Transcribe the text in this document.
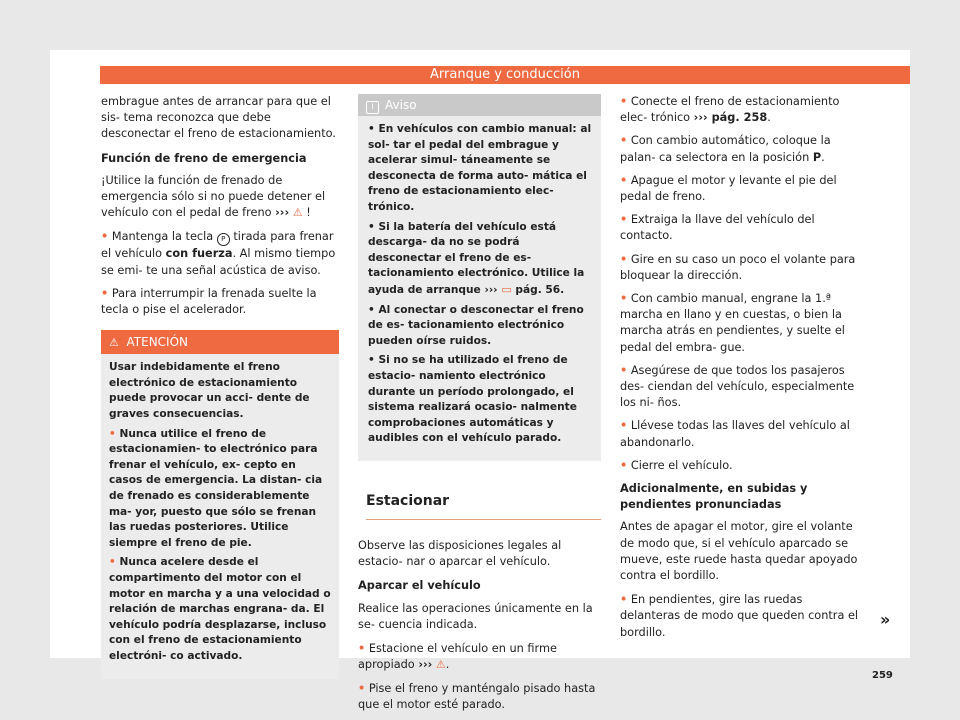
Arranque y conducción

embrague antes de arrancar para que el sis- tema reconozca que debe desconectar el freno de estacionamiento.

Función de freno de emergencia

¡Utilice la función de frenado de emergencia sólo si no puede detener el vehículo con el pedal de freno ››› ⚠ !

• Mantenga la tecla P tirada para frenar el vehículo con fuerza. Al mismo tiempo se emi- te una señal acústica de aviso.

• Para interrumpir la frenada suelte la tecla o pise el acelerador.

⚠ ATENCIÓN

Usar indebidamente el freno electrónico de estacionamiento puede provocar un acci- dente de graves consecuencias.

• Nunca utilice el freno de estacionamien- to electrónico para frenar el vehículo, ex- cepto en casos de emergencia. La distan- cia de frenado es considerablemente ma- yor, puesto que sólo se frenan las ruedas posteriores. Utilice siempre el freno de pie.

• Nunca acelere desde el compartimento del motor con el motor en marcha y a una velocidad o relación de marchas engrana- da. El vehículo podría desplazarse, incluso con el freno de estacionamiento electróni- co activado.

i Aviso

• En vehículos con cambio manual: al sol- tar el pedal del embrague y acelerar simul- táneamente se desconecta de forma auto- mática el freno de estacionamiento elec- trónico.

• Si la batería del vehículo está descarga- da no se podrá desconectar el freno de es- tacionamiento electrónico. Utilice la ayuda de arranque ››› ▭ pág. 56.

• Al conectar o desconectar el freno de es- tacionamiento electrónico pueden oírse ruidos.

• Si no se ha utilizado el freno de estacio- namiento electrónico durante un período prolongado, el sistema realizará ocasio- nalmente comprobaciones automáticas y audibles con el vehículo parado.

Estacionar

Observe las disposiciones legales al estacio- nar o aparcar el vehículo.

Aparcar el vehículo

Realice las operaciones únicamente en la se- cuencia indicada.

• Estacione el vehículo en un firme apropiado ››› ⚠.

• Pise el freno y manténgalo pisado hasta que el motor esté parado.

• Conecte el freno de estacionamiento elec- trónico ››› pág. 258.

• Con cambio automático, coloque la palan- ca selectora en la posición P.

• Apague el motor y levante el pie del pedal de freno.

• Extraiga la llave del vehículo del contacto.

• Gire en su caso un poco el volante para bloquear la dirección.

• Con cambio manual, engrane la 1.ª marcha en llano y en cuestas, o bien la marcha atrás en pendientes, y suelte el pedal del embra- gue.

• Asegúrese de que todos los pasajeros des- ciendan del vehículo, especialmente los ni- ños.

• Llévese todas las llaves del vehículo al abandonarlo.

• Cierre el vehículo.

Adicionalmente, en subidas y pendientes pronunciadas

Antes de apagar el motor, gire el volante de modo que, si el vehículo aparcado se mueve, este ruede hasta quedar apoyado contra el bordillo.

• En pendientes, gire las ruedas delanteras de modo que queden contra el bordillo.

»
259
